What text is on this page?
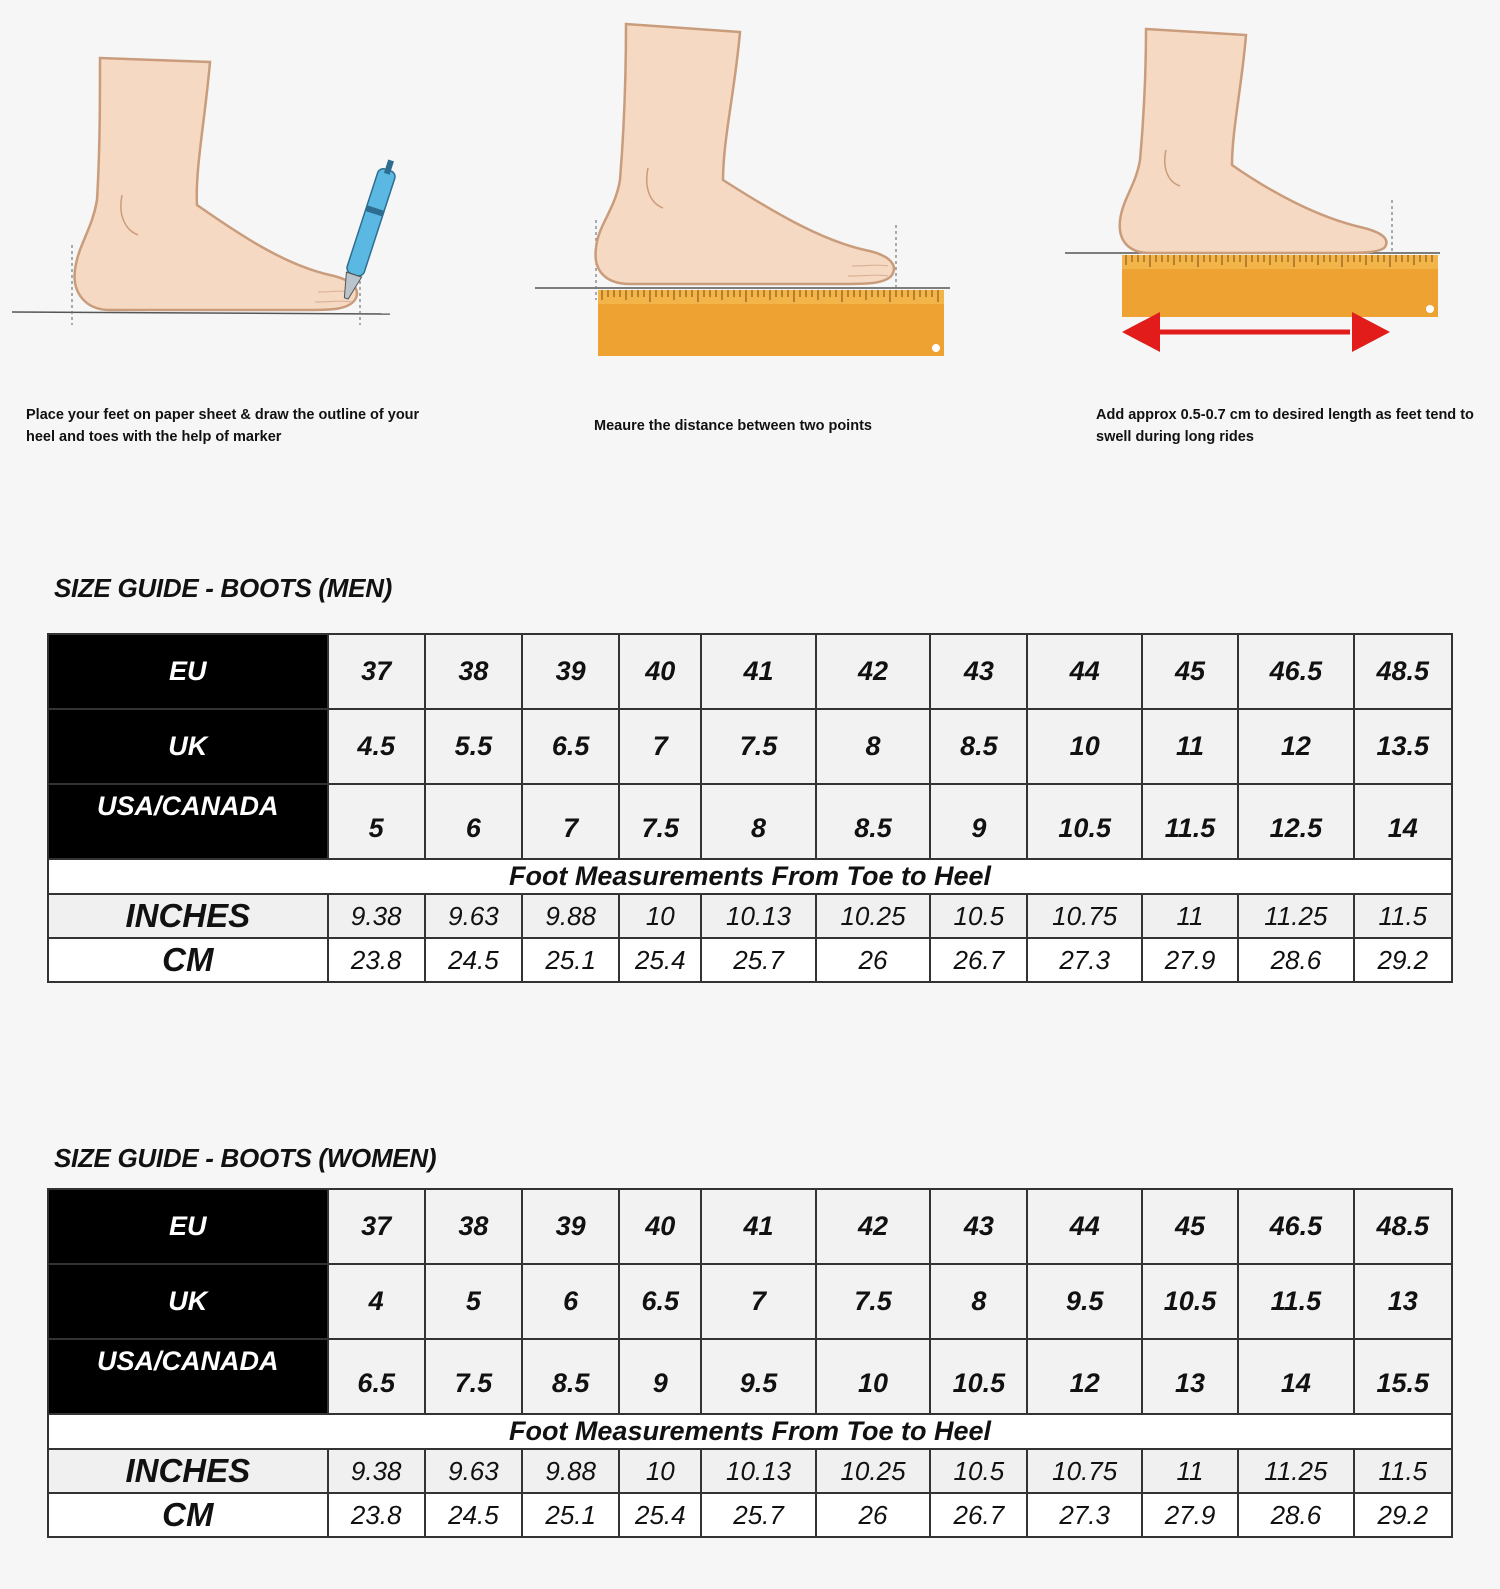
Place your feet on paper sheet & draw the outline of your heel and toes with the help of marker
Meaure the distance between two points
Add approx 0.5-0.7 cm to desired length as feet tend to swell during long rides
SIZE GUIDE - BOOTS (MEN)
EU	37	38	39	40	41	42	43	44	45	46.5	48.5
UK	4.5	5.5	6.5	7	7.5	8	8.5	10	11	12	13.5
USA/CANADA	5	6	7	7.5	8	8.5	9	10.5	11.5	12.5	14
Foot Measurements From Toe to Heel											
INCHES	9.38	9.63	9.88	10	10.13	10.25	10.5	10.75	11	11.25	11.5
CM	23.8	24.5	25.1	25.4	25.7	26	26.7	27.3	27.9	28.6	29.2
SIZE GUIDE - BOOTS (WOMEN)
EU	37	38	39	40	41	42	43	44	45	46.5	48.5
UK	4	5	6	6.5	7	7.5	8	9.5	10.5	11.5	13
USA/CANADA	6.5	7.5	8.5	9	9.5	10	10.5	12	13	14	15.5
Foot Measurements From Toe to Heel											
INCHES	9.38	9.63	9.88	10	10.13	10.25	10.5	10.75	11	11.25	11.5
CM	23.8	24.5	25.1	25.4	25.7	26	26.7	27.3	27.9	28.6	29.2
